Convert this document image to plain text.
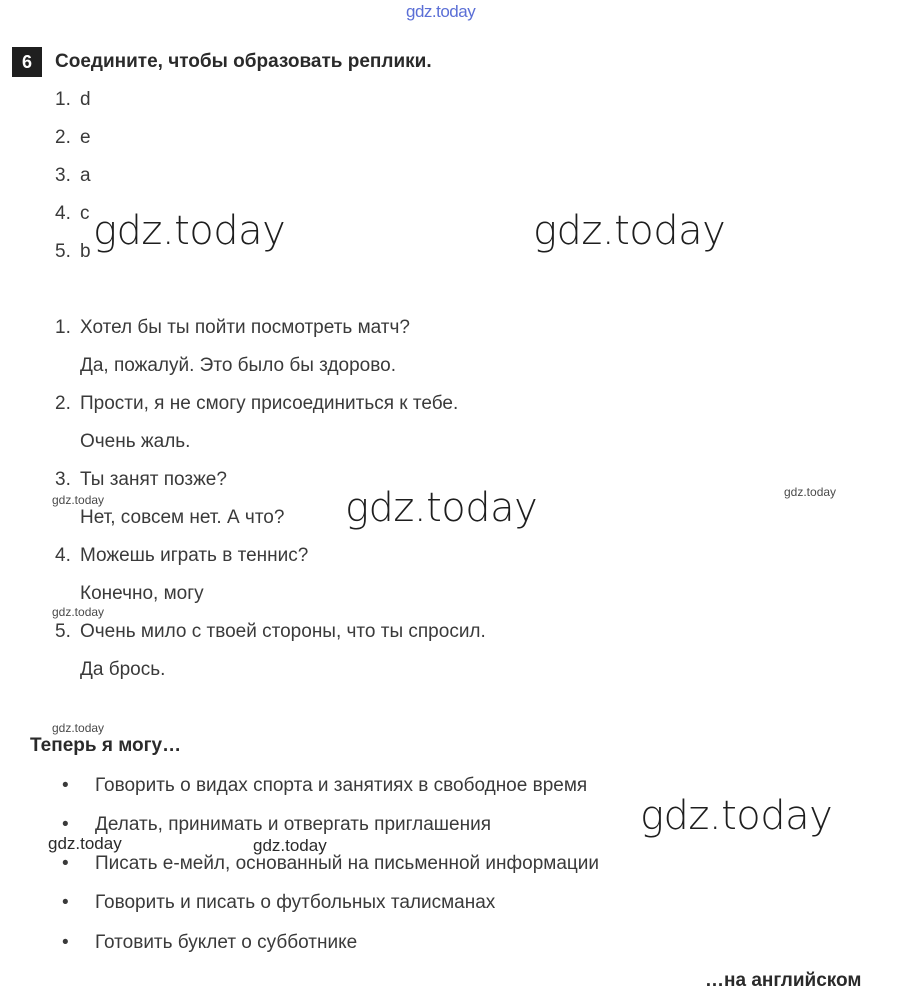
gdz.today
gdz.today	gdz.today
gdz.today
gdz.today
gdz.today
gdz.today
gdz.today
gdz.today
gdz.today	gdz.today
6	Соедините, чтобы образовать реплики.
1. d
2. e
3. a
4. c
5. b
1. Хотел бы ты пойти посмотреть матч?
Да, пожалуй. Это было бы здорово.
2. Прости, я не смогу присоединиться к тебе.
Очень жаль.
3. Ты занят позже?
Нет, совсем нет. А что?
4. Можешь играть в теннис?
Конечно, могу
5. Очень мило с твоей стороны, что ты спросил.
Да брось.
Теперь я могу…
• Говорить о видах спорта и занятиях в свободное время
• Делать, принимать и отвергать приглашения
• Писать е-мейл, основанный на письменной информации
• Говорить и писать о футбольных талисманах
• Готовить буклет о субботнике
…на английском
